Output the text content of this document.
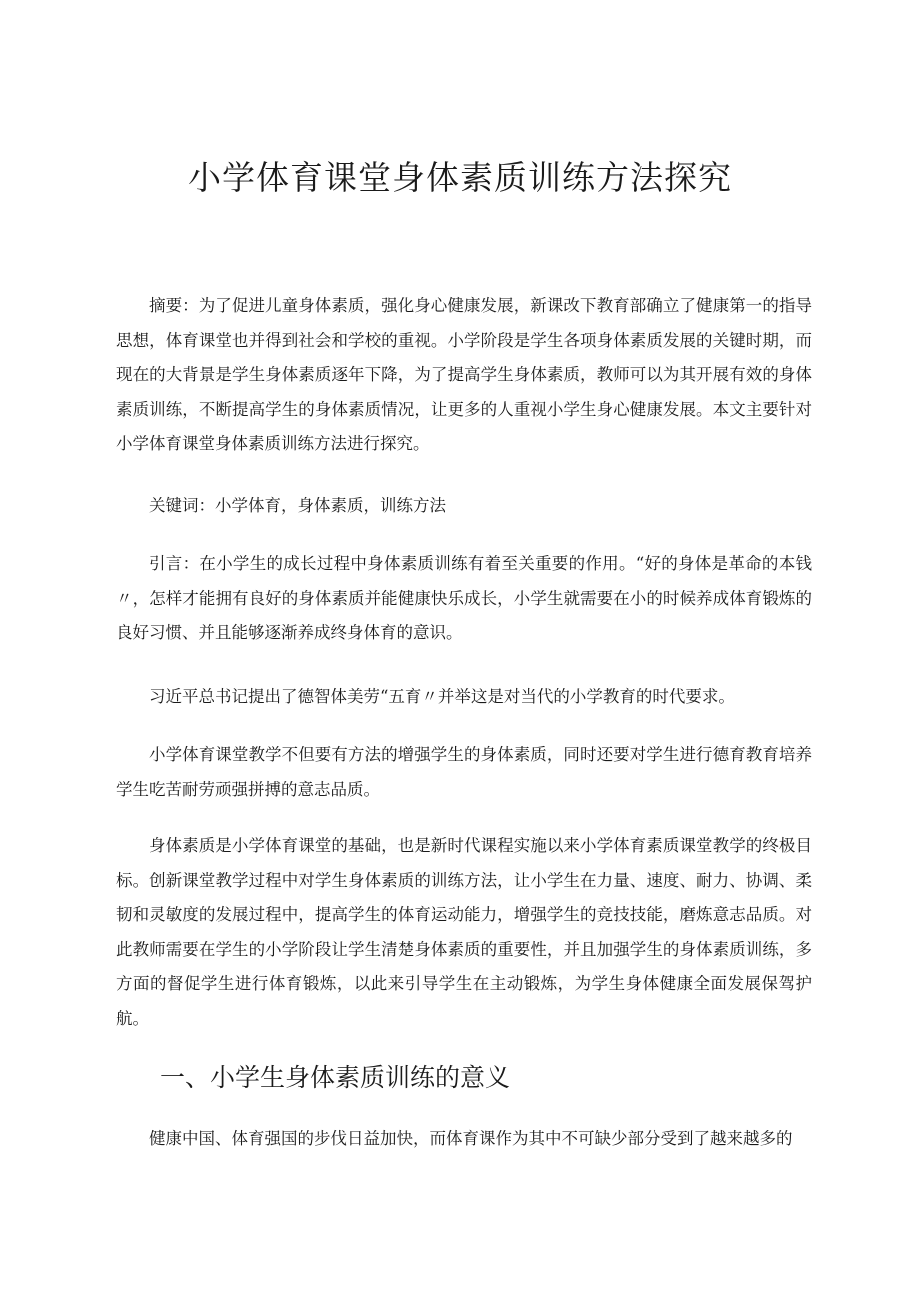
小学体育课堂身体素质训练方法探究

摘要：为了促进儿童身体素质，强化身心健康发展，新课改下教育部确立了健康第一的指导思想，体育课堂也并得到社会和学校的重视。小学阶段是学生各项身体素质发展的关键时期，而现在的大背景是学生身体素质逐年下降，为了提高学生身体素质，教师可以为其开展有效的身体素质训练，不断提高学生的身体素质情况，让更多的人重视小学生身心健康发展。本文主要针对小学体育课堂身体素质训练方法进行探究。

关键词：小学体育，身体素质，训练方法

引言：在小学生的成长过程中身体素质训练有着至关重要的作用。“好的身体是革命的本钱〃，怎样才能拥有良好的身体素质并能健康快乐成长，小学生就需要在小的时候养成体育锻炼的良好习惯、并且能够逐渐养成终身体育的意识。

习近平总书记提出了德智体美劳“五育〃并举这是对当代的小学教育的时代要求。

小学体育课堂教学不但要有方法的增强学生的身体素质，同时还要对学生进行德育教育培养学生吃苦耐劳顽强拼搏的意志品质。

身体素质是小学体育课堂的基础，也是新时代课程实施以来小学体育素质课堂教学的终极目标。创新课堂教学过程中对学生身体素质的训练方法，让小学生在力量、速度、耐力、协调、柔韧和灵敏度的发展过程中，提高学生的体育运动能力，增强学生的竞技技能，磨炼意志品质。对此教师需要在学生的小学阶段让学生清楚身体素质的重要性，并且加强学生的身体素质训练，多方面的督促学生进行体育锻炼，以此来引导学生在主动锻炼，为学生身体健康全面发展保驾护航。

一、小学生身体素质训练的意义

健康中国、体育强国的步伐日益加快，而体育课作为其中不可缺少部分受到了越来越多的
